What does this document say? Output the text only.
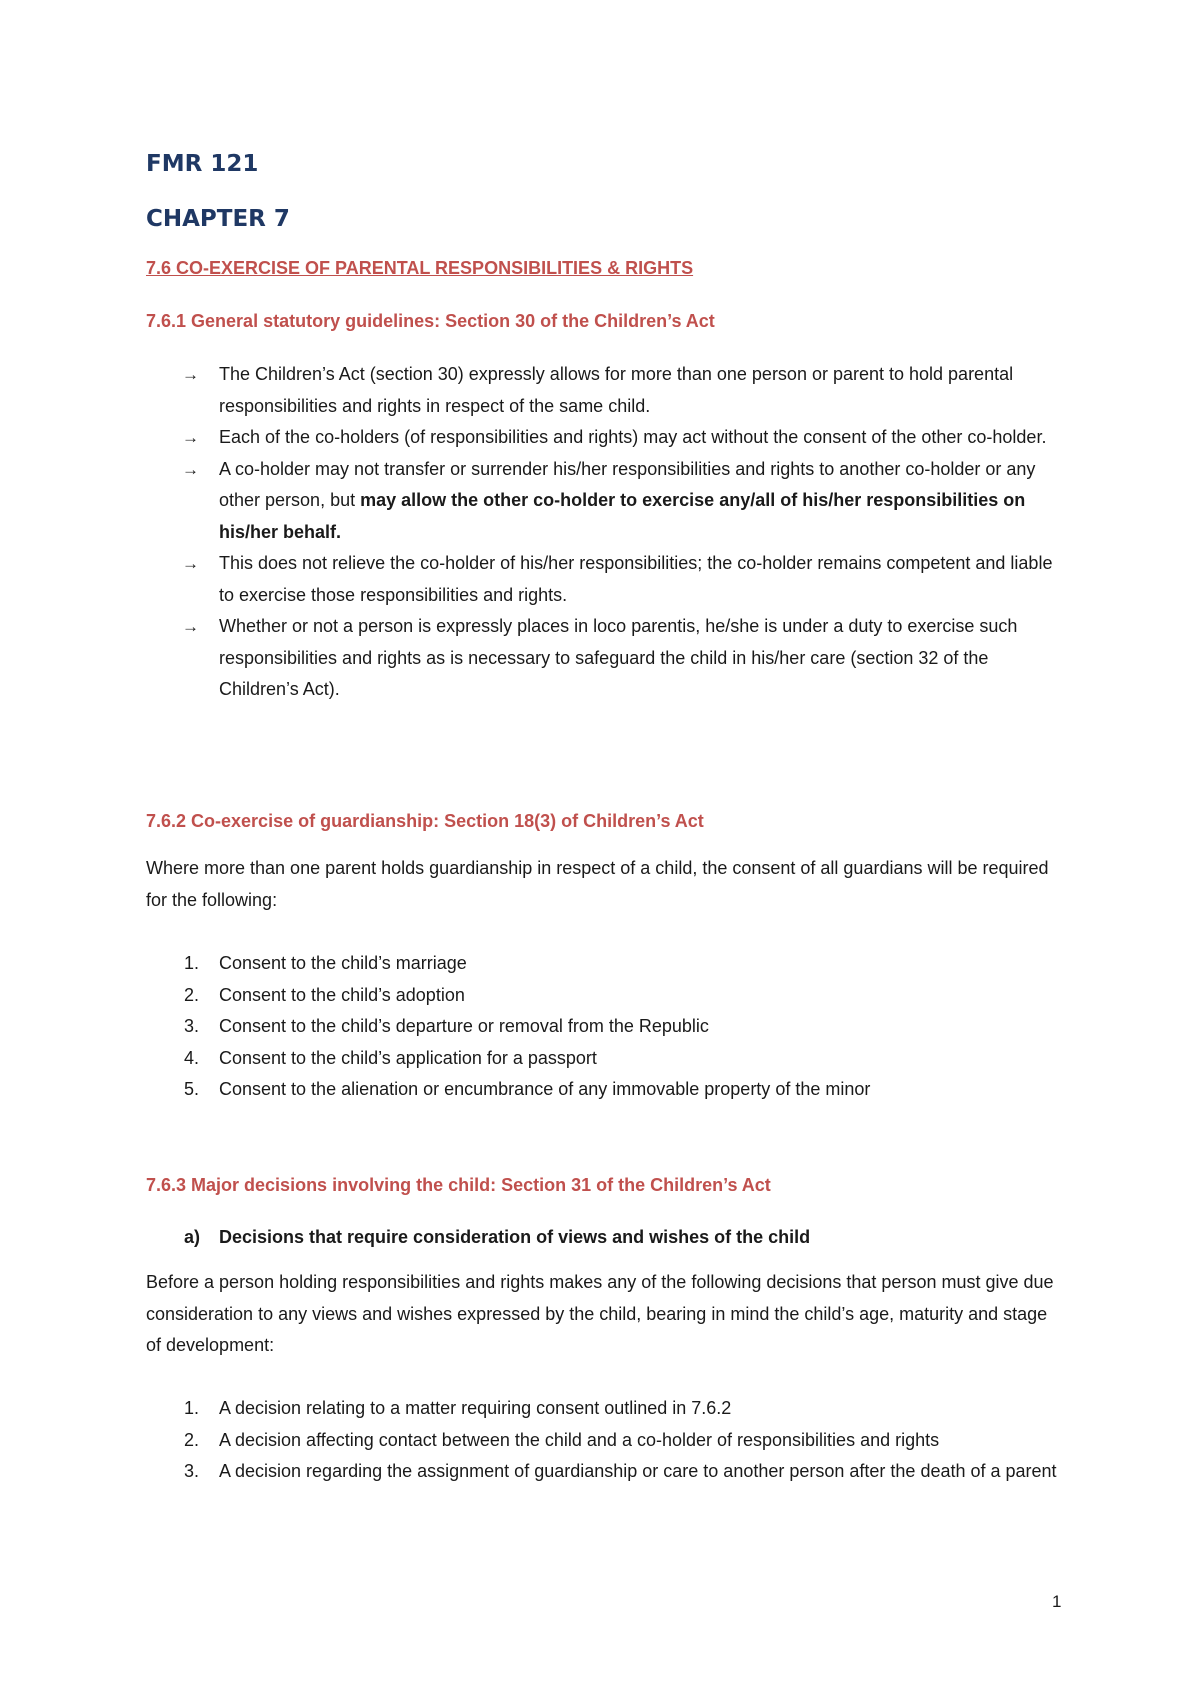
FMR 121
CHAPTER 7
7.6 CO-EXERCISE OF PARENTAL RESPONSIBILITIES & RIGHTS
7.6.1 General statutory guidelines: Section 30 of the Children’s Act
→ The Children’s Act (section 30) expressly allows for more than one person or parent to hold parental responsibilities and rights in respect of the same child.
→ Each of the co-holders (of responsibilities and rights) may act without the consent of the other co-holder.
→ A co-holder may not transfer or surrender his/her responsibilities and rights to another co-holder or any other person, but may allow the other co-holder to exercise any/all of his/her responsibilities on his/her behalf.
→ This does not relieve the co-holder of his/her responsibilities; the co-holder remains competent and liable to exercise those responsibilities and rights.
→ Whether or not a person is expressly places in loco parentis, he/she is under a duty to exercise such responsibilities and rights as is necessary to safeguard the child in his/her care (section 32 of the Children’s Act).
7.6.2 Co-exercise of guardianship: Section 18(3) of Children’s Act

Where more than one parent holds guardianship in respect of a child, the consent of all guardians will be required for the following:

1. Consent to the child’s marriage
2. Consent to the child’s adoption
3. Consent to the child’s departure or removal from the Republic
4. Consent to the child’s application for a passport
5. Consent to the alienation or encumbrance of any immovable property of the minor
7.6.3 Major decisions involving the child: Section 31 of the Children’s Act
a) Decisions that require consideration of views and wishes of the child

Before a person holding responsibilities and rights makes any of the following decisions that person must give due consideration to any views and wishes expressed by the child, bearing in mind the child’s age, maturity and stage of development:

1. A decision relating to a matter requiring consent outlined in 7.6.2
2. A decision affecting contact between the child and a co-holder of responsibilities and rights
3. A decision regarding the assignment of guardianship or care to another person after the death of a parent
1
